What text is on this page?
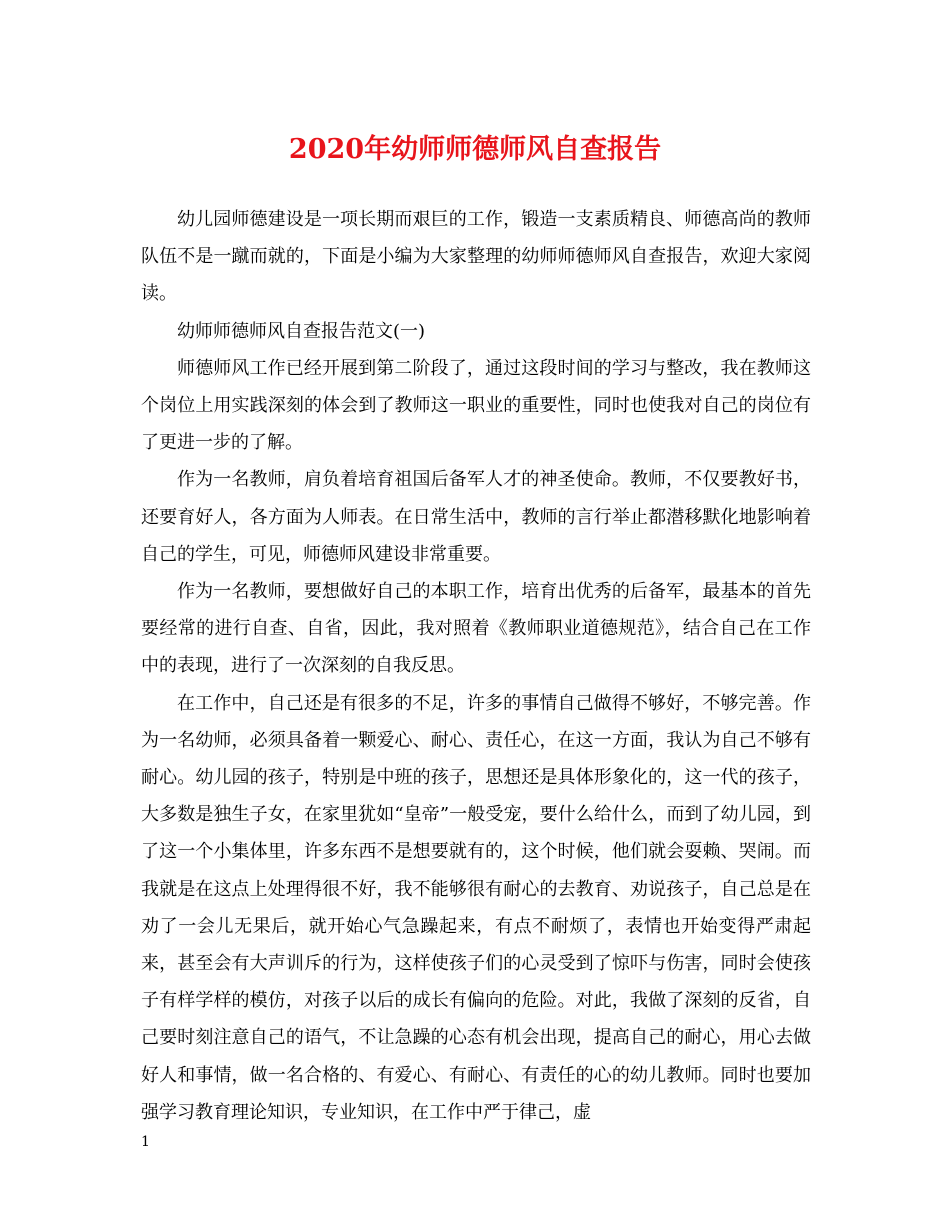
2020年幼师师德师风自查报告

幼儿园师德建设是一项长期而艰巨的工作，锻造一支素质精良、师德高尚的教师队伍不是一蹴而就的，下面是小编为大家整理的幼师师德师风自查报告，欢迎大家阅读。

幼师师德师风自查报告范文(一)

师德师风工作已经开展到第二阶段了，通过这段时间的学习与整改，我在教师这个岗位上用实践深刻的体会到了教师这一职业的重要性，同时也使我对自己的岗位有了更进一步的了解。

作为一名教师，肩负着培育祖国后备军人才的神圣使命。教师，不仅要教好书，还要育好人，各方面为人师表。在日常生活中，教师的言行举止都潜移默化地影响着自己的学生，可见，师德师风建设非常重要。

作为一名教师，要想做好自己的本职工作，培育出优秀的后备军，最基本的首先要经常的进行自查、自省，因此，我对照着《教师职业道德规范》，结合自己在工作中的表现，进行了一次深刻的自我反思。

在工作中，自己还是有很多的不足，许多的事情自己做得不够好，不够完善。作为一名幼师，必须具备着一颗爱心、耐心、责任心，在这一方面，我认为自己不够有耐心。幼儿园的孩子，特别是中班的孩子，思想还是具体形象化的，这一代的孩子，大多数是独生子女，在家里犹如“皇帝”一般受宠，要什么给什么，而到了幼儿园，到了这一个小集体里，许多东西不是想要就有的，这个时候，他们就会耍赖、哭闹。而我就是在这点上处理得很不好，我不能够很有耐心的去教育、劝说孩子，自己总是在劝了一会儿无果后，就开始心气急躁起来，有点不耐烦了，表情也开始变得严肃起来，甚至会有大声训斥的行为，这样使孩子们的心灵受到了惊吓与伤害，同时会使孩子有样学样的模仿，对孩子以后的成长有偏向的危险。对此，我做了深刻的反省，自己要时刻注意自己的语气，不让急躁的心态有机会出现，提高自己的耐心，用心去做好人和事情，做一名合格的、有爱心、有耐心、有责任的心的幼儿教师。同时也要加强学习教育理论知识，专业知识，在工作中严于律己，虚

1
